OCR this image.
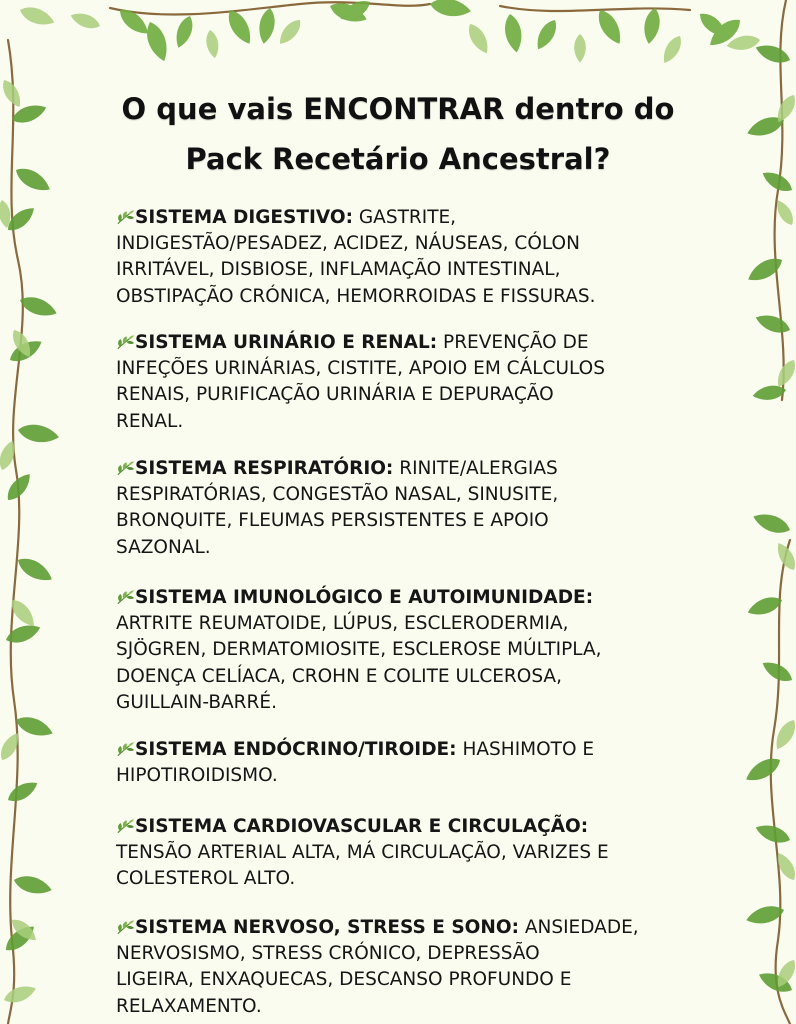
O que vais ENCONTRAR dentro do
Pack Recetário Ancestral?
SISTEMA DIGESTIVO: GASTRITE,
INDIGESTÃO/PESADEZ, ACIDEZ, NÁUSEAS, CÓLON
IRRITÁVEL, DISBIOSE, INFLAMAÇÃO INTESTINAL,
OBSTIPAÇÃO CRÓNICA, HEMORROIDAS E FISSURAS.
SISTEMA URINÁRIO E RENAL: PREVENÇÃO DE
INFEÇÕES URINÁRIAS, CISTITE, APOIO EM CÁLCULOS
RENAIS, PURIFICAÇÃO URINÁRIA E DEPURAÇÃO
RENAL.
SISTEMA RESPIRATÓRIO: RINITE/ALERGIAS
RESPIRATÓRIAS, CONGESTÃO NASAL, SINUSITE,
BRONQUITE, FLEUMAS PERSISTENTES E APOIO
SAZONAL.
SISTEMA IMUNOLÓGICO E AUTOIMUNIDADE:
ARTRITE REUMATOIDE, LÚPUS, ESCLERODERMIA,
SJÖGREN, DERMATOMIOSITE, ESCLEROSE MÚLTIPLA,
DOENÇA CELÍACA, CROHN E COLITE ULCEROSA,
GUILLAIN-BARRÉ.
SISTEMA ENDÓCRINO/TIROIDE: HASHIMOTO E
HIPOTIROIDISMO.
SISTEMA CARDIOVASCULAR E CIRCULAÇÃO:
TENSÃO ARTERIAL ALTA, MÁ CIRCULAÇÃO, VARIZES E
COLESTEROL ALTO.
SISTEMA NERVOSO, STRESS E SONO: ANSIEDADE,
NERVOSISMO, STRESS CRÓNICO, DEPRESSÃO
LIGEIRA, ENXAQUECAS, DESCANSO PROFUNDO E
RELAXAMENTO.
